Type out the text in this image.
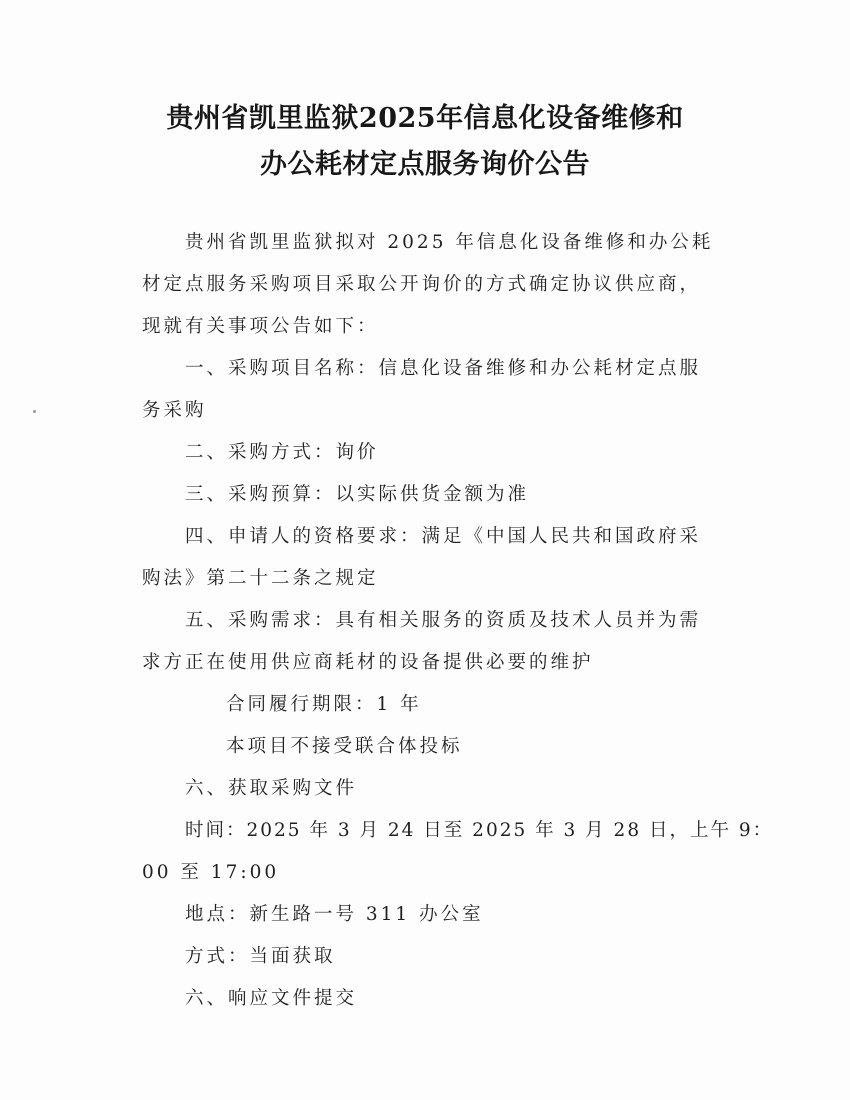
贵州省凯里监狱2025年信息化设备维修和
办公耗材定点服务询价公告
贵州省凯里监狱拟对 2025 年信息化设备维修和办公耗
材定点服务采购项目采取公开询价的方式确定协议供应商，
现就有关事项公告如下：
一、采购项目名称：信息化设备维修和办公耗材定点服
务采购
二、采购方式：询价
三、采购预算：以实际供货金额为准
四、申请人的资格要求：满足《中国人民共和国政府采
购法》第二十二条之规定
五、采购需求：具有相关服务的资质及技术人员并为需
求方正在使用供应商耗材的设备提供必要的维护
合同履行期限：1 年
本项目不接受联合体投标
六、获取采购文件
时间：2025 年 3 月 24 日至 2025 年 3 月 28 日，上午 9：
00 至 17:00
地点：新生路一号 311 办公室
方式：当面获取
六、响应文件提交
